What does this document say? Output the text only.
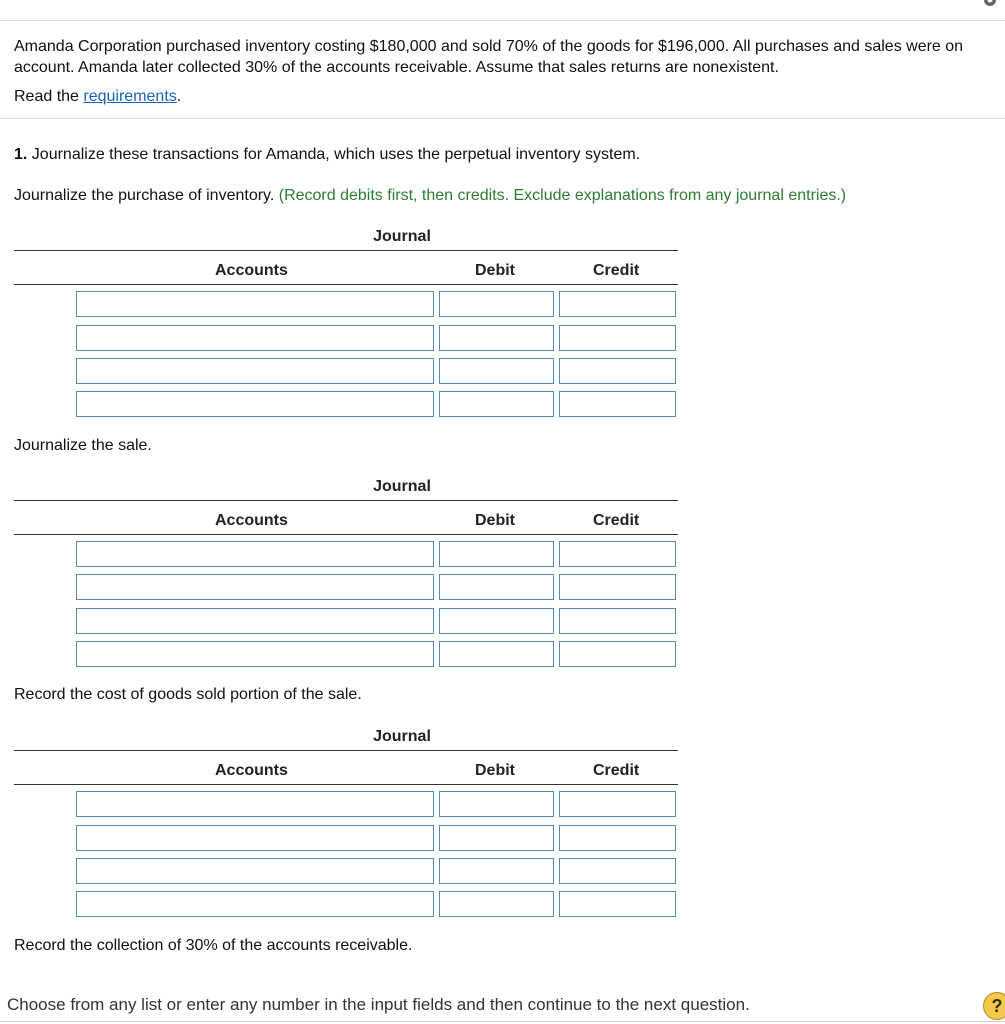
Amanda Corporation purchased inventory costing $180,000 and sold 70% of the goods for $196,000. All purchases and sales were on account. Amanda later collected 30% of the accounts receivable. Assume that sales returns are nonexistent.
Read the requirements.
1. Journalize these transactions for Amanda, which uses the perpetual inventory system.
Journalize the purchase of inventory. (Record debits first, then credits. Exclude explanations from any journal entries.)
Journal
Accounts	Debit	Credit
Journalize the sale.
Journal
Accounts	Debit	Credit
Record the cost of goods sold portion of the sale.
Journal
Accounts	Debit	Credit
Record the collection of 30% of the accounts receivable.
Choose from any list or enter any number in the input fields and then continue to the next question.	?
